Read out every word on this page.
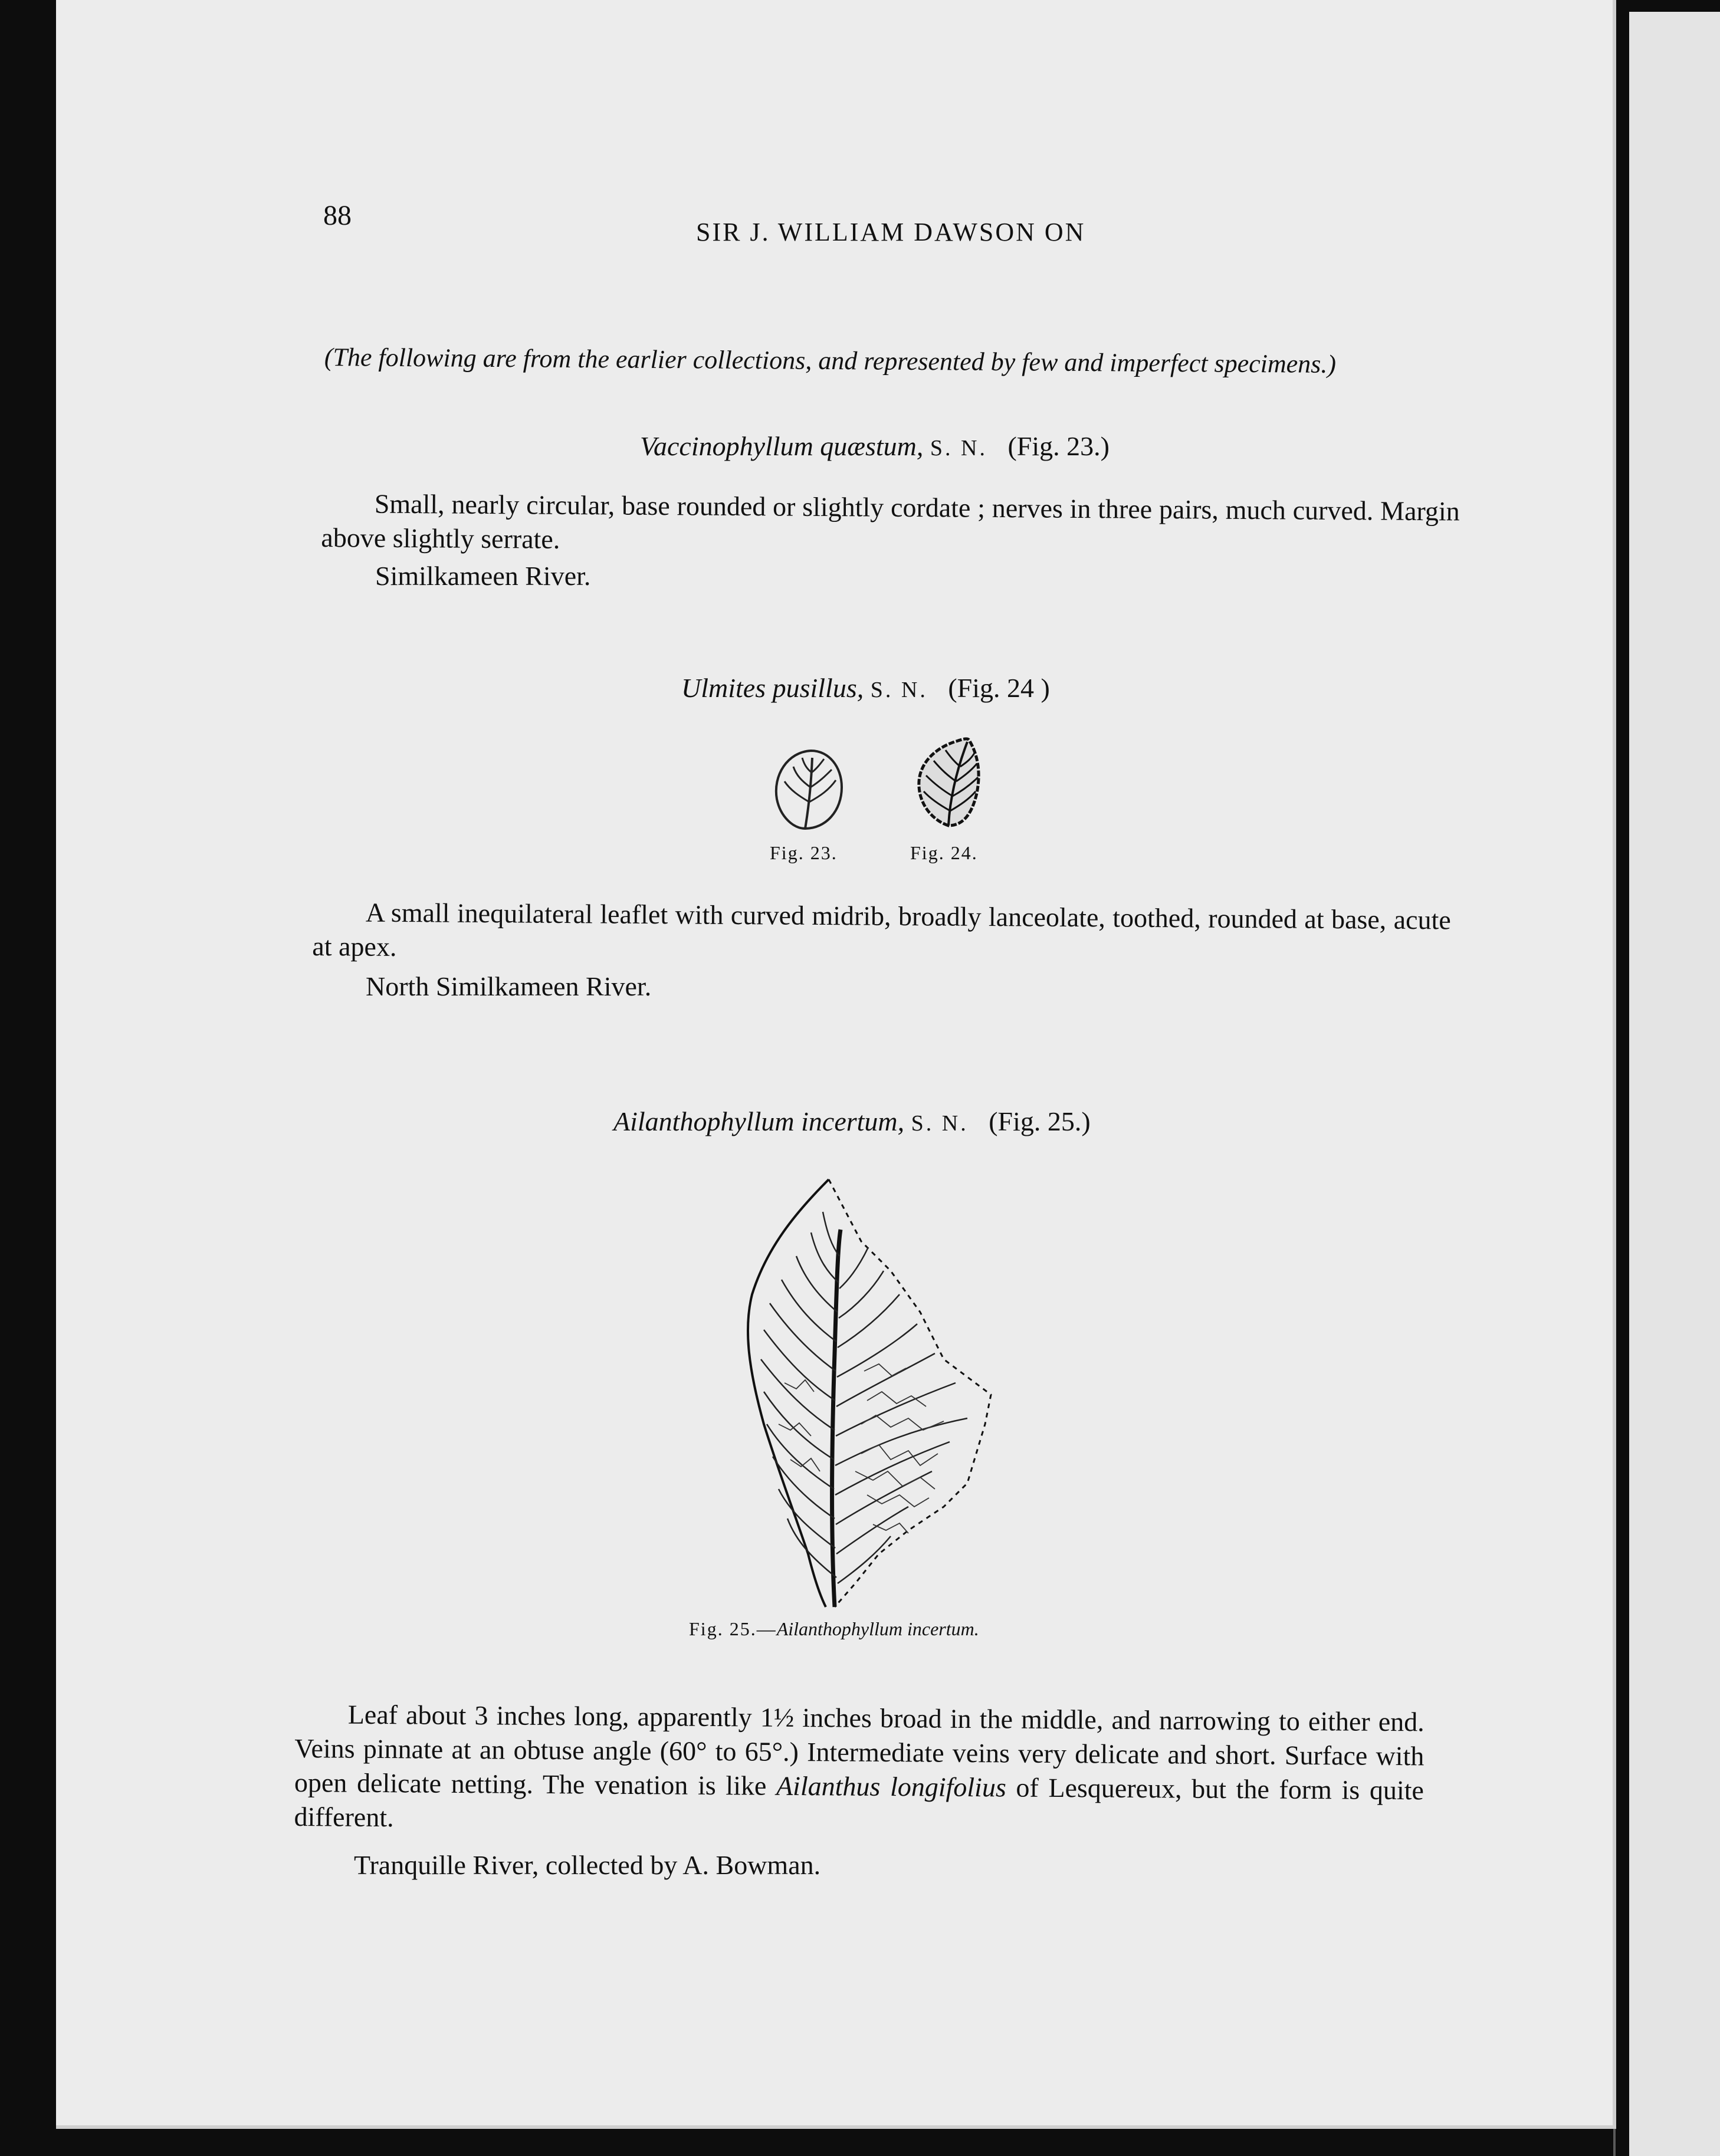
88

SIR J. WILLIAM DAWSON ON

(The following are from the earlier collections, and represented by few and imperfect specimens.)

Vaccinophyllum quæstum, S. N. (Fig. 23.)

Small, nearly circular, base rounded or slightly cordate ; nerves in three pairs, much curved. Margin above slightly serrate.

Similkameen River.

Ulmites pusillus, S. N. (Fig. 24 )

Fig. 23.	Fig. 24.

A small inequilateral leaflet with curved midrib, broadly lanceolate, toothed, rounded at base, acute at apex.

North Similkameen River.

Ailanthophyllum incertum, S. N. (Fig. 25.)

Fig. 25.—Ailanthophyllum incertum.

Leaf about 3 inches long, apparently 1½ inches broad in the middle, and narrowing to either end. Veins pinnate at an obtuse angle (60° to 65°.) Intermediate veins very delicate and short. Surface with open delicate netting. The venation is like Ailanthus longifolius of Lesquereux, but the form is quite different.

Tranquille River, collected by A. Bowman.
